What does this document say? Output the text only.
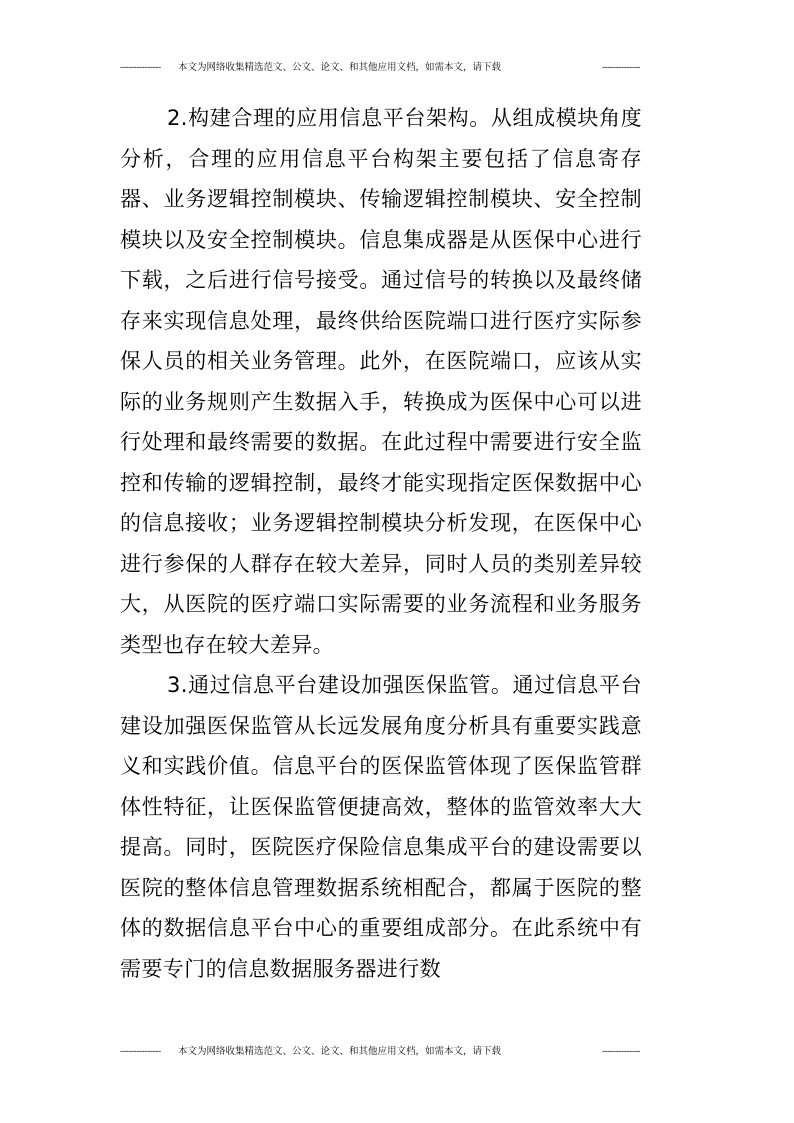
--------------- 本文为网络收集精选范文、公文、论文、和其他应用文档，如需本文，请下载	--------------

2.构建合理的应用信息平台架构。从组成模块角度分析，合理的应用信息平台构架主要包括了信息寄存器、业务逻辑控制模块、传输逻辑控制模块、安全控制模块以及安全控制模块。信息集成器是从医保中心进行下载，之后进行信号接受。通过信号的转换以及最终储存来实现信息处理，最终供给医院端口进行医疗实际参保人员的相关业务管理。此外，在医院端口，应该从实际的业务规则产生数据入手，转换成为医保中心可以进行处理和最终需要的数据。在此过程中需要进行安全监控和传输的逻辑控制，最终才能实现指定医保数据中心的信息接收；业务逻辑控制模块分析发现，在医保中心进行参保的人群存在较大差异，同时人员的类别差异较大，从医院的医疗端口实际需要的业务流程和业务服务类型也存在较大差异。

3.通过信息平台建设加强医保监管。通过信息平台建设加强医保监管从长远发展角度分析具有重要实践意义和实践价值。信息平台的医保监管体现了医保监管群体性特征，让医保监管便捷高效，整体的监管效率大大提高。同时，医院医疗保险信息集成平台的建设需要以医院的整体信息管理数据系统相配合，都属于医院的整体的数据信息平台中心的重要组成部分。在此系统中有需要专门的信息数据服务器进行数

--------------- 本文为网络收集精选范文、公文、论文、和其他应用文档，如需本文，请下载	--------------
